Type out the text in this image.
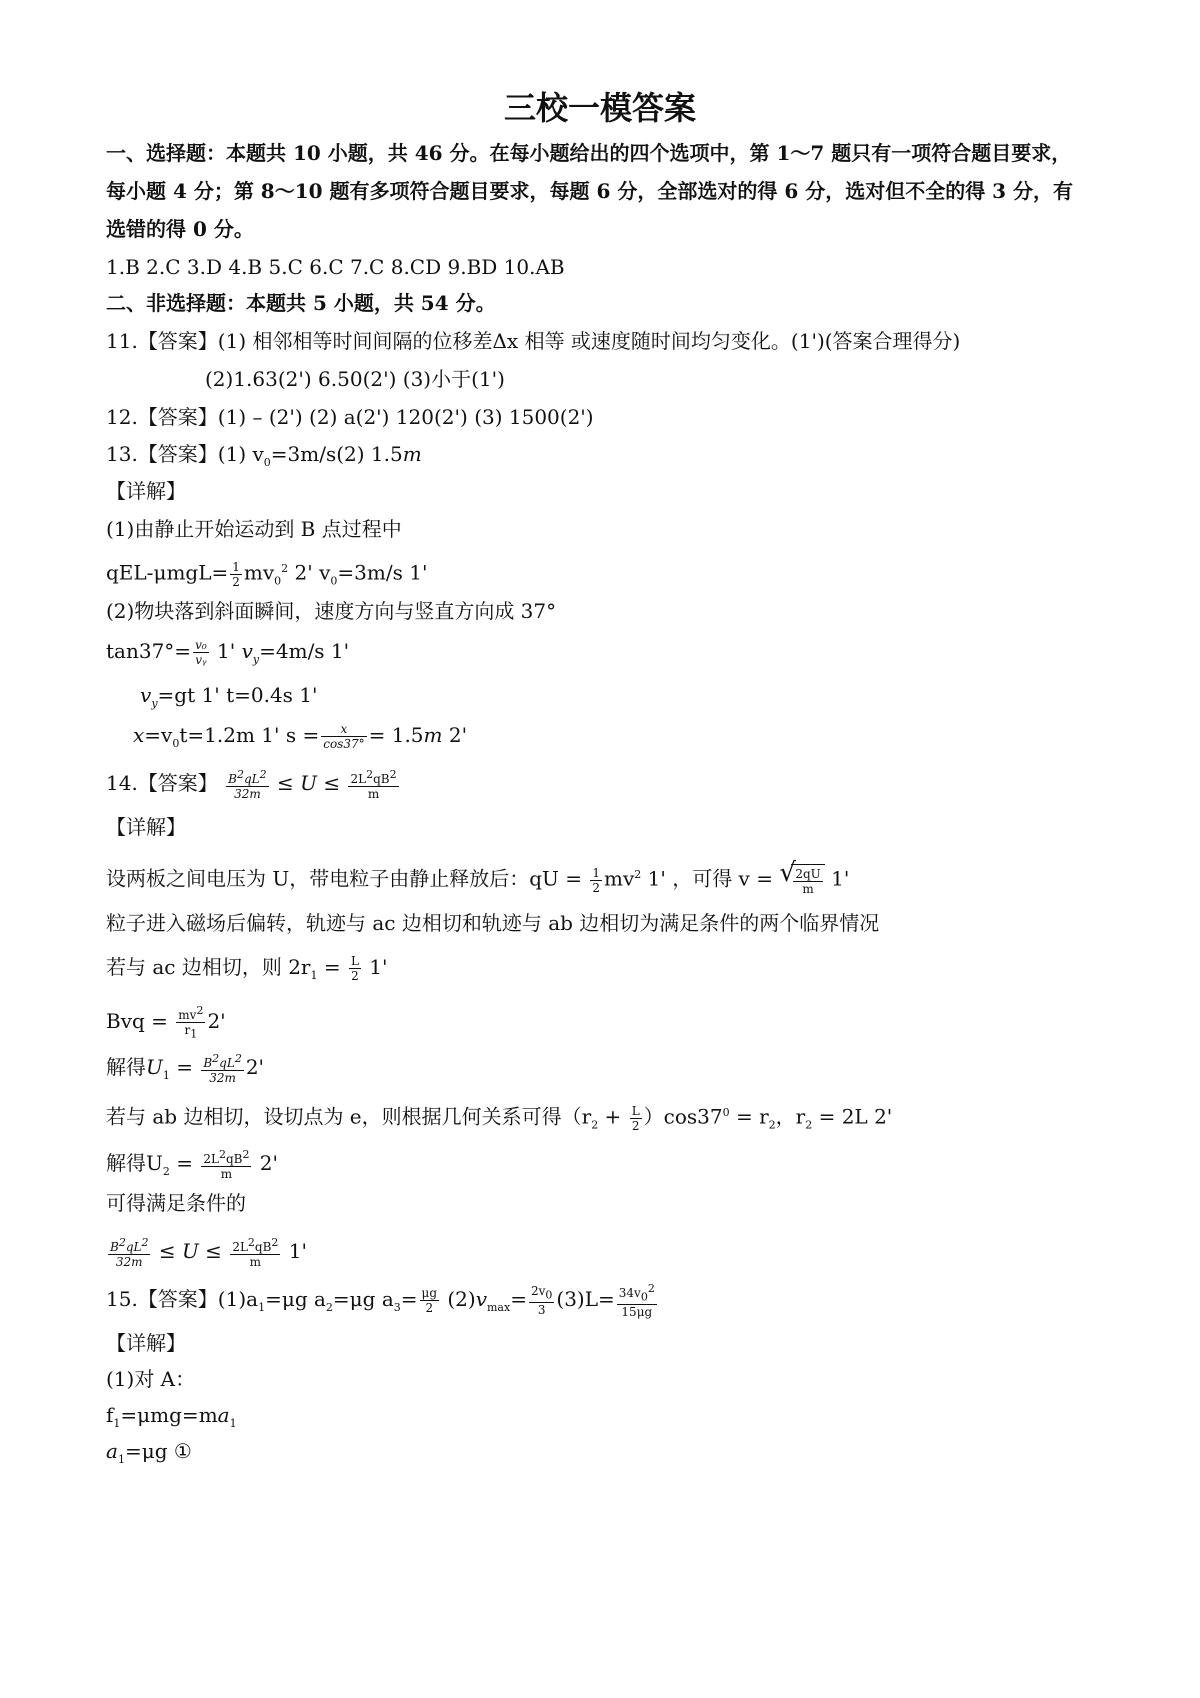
三校一模答案
一、选择题：本题共 10 小题，共 46 分。在每小题给出的四个选项中，第 1～7 题只有一项符合题目要求，
每小题 4 分；第 8～10 题有多项符合题目要求，每题 6 分，全部选对的得 6 分，选对但不全的得 3 分，有
选错的得 0 分。
1.B 2.C 3.D 4.B 5.C 6.C 7.C 8.CD 9.BD 10.AB
二、非选择题：本题共 5 小题，共 54 分。
11.【答案】(1) 相邻相等时间间隔的位移差Δx 相等 或速度随时间均匀变化。(1')(答案合理得分)
(2)1.63(2') 6.50(2') (3)小于(1')
12.【答案】(1) – (2') (2) a(2') 120(2') (3) 1500(2')
13.【答案】(1) $v_0=3m/s(2)$ 1.5m
【详解】
(1)由静止开始运动到 B 点过程中
$qEL-\mu mgL= \frac{1}{2} mv_0^2$ 2' $v_0=3m/s$ 1'
(2)物块落到斜面瞬间，速度方向与竖直方向成 37°
$\tan 37^\circ= \frac{\text{v₀}}{\text{vᵧ}} 1'$ $v_y=4m/s$ 1'
$v_y=gt$ 1' t=0.4s 1'
$x=v_0t=1.2m$ 1' $s = \frac{x}{\cos 37^\circ} = 1.5m$ 2'
14.【答案】 $\frac{B^2qL^2}{32m} \le U \le \frac{2L^2qB^2}{m}$
【详解】
设两板之间电压为 U，带电粒子由静止释放后：qU = $\frac{1}{2} mv^2$ 1' ，可得 v =
√ $\frac{2qU}{m} 1'$
粒子进入磁场后偏转，轨迹与 ac 边相切和轨迹与 ab 边相切为满足条件的两个临界情况
若与 ac 边相切，则 $2r_1 = \frac{L}{2} 1'$
Bvq = $\frac{mv^2}{r_1} 2'$
解得$U_1 = \frac{B^2qL^2}{32m} 2'$
若与 ab 边相切，设切点为 e，则根据几何关系可得$(r_2 + \frac{L}{2} )\cos 37^0 = r_2$，$r_2 = 2L$ 2'
解得$U_2 = \frac{2L^2qB^2}{m} 2'$
可得满足条件的
$\frac{B^2qL^2}{32m} \le U \le \frac{2L^2qB^2}{m} 1'$
15.【答案】$(1)a_1=\mu g$ $a_2=\mu g$ $a_3= \frac{\mu g}{2} (2)v_{max}= \frac{2v_0}{3} (3)L= \frac{34v_0^2}{15\mu g}$
【详解】
(1)对 A：
$f_1=\mu mg=ma_1$
$a_1=\mu g$ ①
